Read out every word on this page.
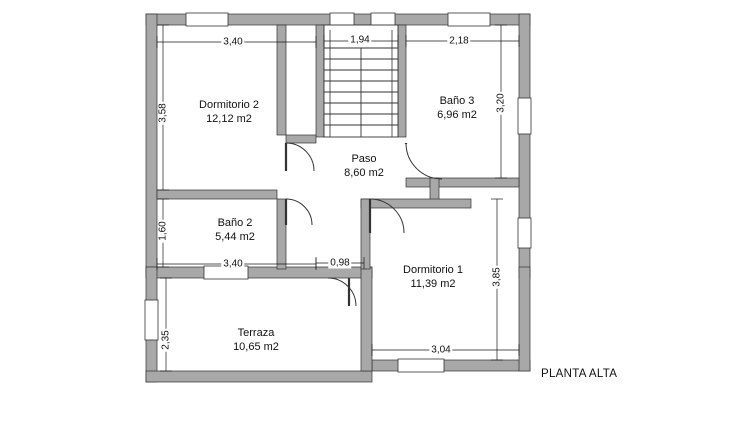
Dormitorio 2
12,12 m2
Baño 3
6,96 m2
Paso
8,60 m2
Baño 2
5,44 m2
Dormitorio 1
11,39 m2
Terraza
10,65 m2
3,40	1,94	2,18
3,58
3,20
1,60
3,40	0,98
3,85
2,35
3,04
PLANTA ALTA
